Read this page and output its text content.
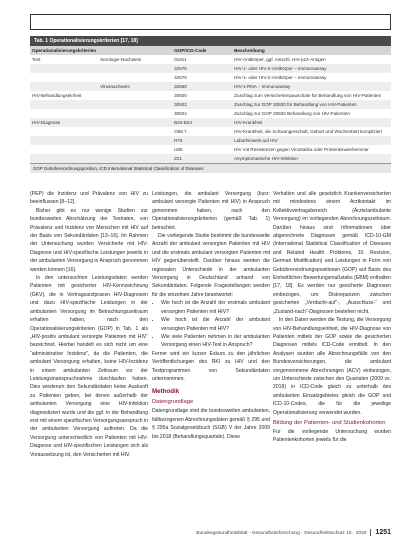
Tab. 1 Operationalisierungskriterien [17, 18]
Operationalisierungskriterien		GOP/ICD-Code	Beschreibung
Test	Serologie-Nachweis	01811	HIV-Antikörper, ggf. einschl. HIV-p24-Antigen
		32575	HIV-1- oder HIV-2-Antikörper – Immunoassay
		32576	HIV-1- oder HIV-2-Antikörper – Immunoassay
	Virusnachweis	32660	HIV-1-RNA – Immunoassay
HIV-Behandlungseinheit		30920	Zuschlag zum Versichertenpauschale für Behandlung von HIV-Patienten
		30922	Zuschlag zur GOP 30920 für Behandlung von HIV-Patienten
		30924	Zuschlag zur GOP 30920 Behandlung von HIV-Patienten
HIV-Diagnose		B20-B24	HIV-Krankheit
		O98.7	HIV-Krankheit, die Schwangerschaft, Geburt und Wochenbett kompliziert
		R75	Laborhinweis auf HIV
		U85	HIV mit Resistenzen gegen Virustatika oder Proteinkinasehemmer
		Z21	Asymptomatische HIV-Infektion
GOP Gebührenordnungsposition, ICD International Statistical Classification of Diseases

(PEP) die Inzidenz und Prävalenz von HIV zu beeinflussen [8–12].

Bisher gibt es nur wenige Studien zur bundesweiten Abschätzung der Testraten, von Prävalenz und Inzidenz von Menschen mit HIV auf der Basis von Sekundärdaten [13–16]. Im Rahmen der Untersuchung wurden Versicherte mit HIV-Diagnose und HIV-spezifische Leistungen jeweils in der ambulanten Versorgung in Anspruch genommen werden können [16].

In den untersuchten Leistungsdaten werden Patienten mit gesicherter HIV-Kennzeichnung (GKV), die in Vertragsarztpraxen HIV-Diagnosen und dazu HIV-spezifische Leistungen in der ambulanten Versorgung im Betrachtungszeitraum erhalten haben, nach den Operationalisierungskriterien (GOP) in Tab. 1 als „HIV-positiv ambulant versorgte Patienten mit HIV“ bezeichnet. Hierbei handelt es sich nicht um eine “administrative Inzidenz”, da die Patienten, die ambulant Versorgung erhalten, keine HIV-Inzidenz in einem ambulanten Zeitraum vor der Leistungsinanspruchnahme durchlaufen haben. Dies wiederum den Sekundärdaten keine Auskunft zu Patienten geben, bei denen außerhalb der ambulanten Versorgung eine HIV-Infektion diagnostiziert wurde und die ggf. in der Behandlung erst mit einem spezifischen Versorgungsanspruch in der ambulanten Versorgung auftreten. Da die Versorgung unterschiedlich von Patienten mit HIV-Diagnose und HIV-spezifischen Leistungen sich als Voraussetzung ist, den Versicherten mit HIV.

Leistungen, die ambulant Versorgung (kurz: ambulant versorgte Patienten mit HIV) in Anspruch genommen haben, nach den Operationalisierungskriterien (gemäß Tab. 1) betrachtet.

Die vorliegende Studie bestimmt die bundesweite Anzahl der ambulant versorgten Patienten mit HIV und die erstmals ambulant versorgten Patienten mit HIV gegenüberstellt. Darüber hinaus werden die regionalen Unterschiede in der ambulanten Versorgung in Deutschland anhand von Sekundärdaten. Folgende Fragestellungen werden für die einzelnen Jahre beantwortet:

• Wie hoch ist die Anzahl der erstmals ambulant versorgten Patienten mit HIV?
• Wie hoch ist die Anzahl der ambulant versorgten Patienten mit HIV?
• Wie viele Patienten nehmen in der ambulanten Versorgung einen HIV-Test in Anspruch?

Ferner wird ein kurzer Exkurs zu den jährlichen Veröffentlichungen des RKI zu HIV und den Testprogrammen von Sekundärdaten unternommen.

Methodik
Datengrundlage

Datengrundlage sind die bundesweiten ambulanten, fallbezogenen Abrechnungsdaten gemäß § 295 und § 295a Sozialgesetzbuch (SGB) V der Jahre 2009 bis 2018 (Behandlungsquartale). Diese

Verhalten und alle gesetzlich Krankenversicherten mit mindestens einem Arztkontakt im Kollektivvertragsbereich (Ärzte/ambulante Versorgung) im vorliegenden Abrechnungszeitraum. Darüber hinaus sind Informationen über abgerechnete Diagnosen gemäß ICD-10-GM (International Statistical Classification of Diseases and Related Health Problems, 10. Revision, German Modification) und Leistungen in Form von Gebührenordnungspositionen (GOP) auf Basis des Einheitlichen Bewertungsmaßstabs (EBM) enthalten [17, 18]. Es werden nur gesicherte Diagnosen einbezogen, um Diskrepanzen zwischen gesicherten „Verdacht-auf“-, „Ausschluss-“ und „Zustand-nach“-Diagnosen bestehen nicht.

In den Daten werden die Testung, die Versorgung von HIV-Behandlungseinheit, die HIV-Diagnose von Patienten mittels der GOP sowie die gesicherten Diagnosen mittels ICD-Code ermittelt. In den Analysen wurden alle Abrechnungsfälle von den Bundesversicherungen, die ambulant vorgenommene Abrechnungen (ACV) einbezogen, um Unterschiede zwischen den Quartalen (2009 vs. 2018) in ICD-Code gleich zu unterhalb des ambulanten Einsatzgebietes gleich die GOP und ICD-10-Codes, die für die jeweilige Operationalisierung verwendet wurden.

Bildung der Patienten- und Studienkohorten

Für die vorliegende Untersuchung wurden Patientenkohorten jeweils für die

Bundesgesundheitsblatt - Gesundheitsforschung - Gesundheitsschutz 10 · 2020 1251
